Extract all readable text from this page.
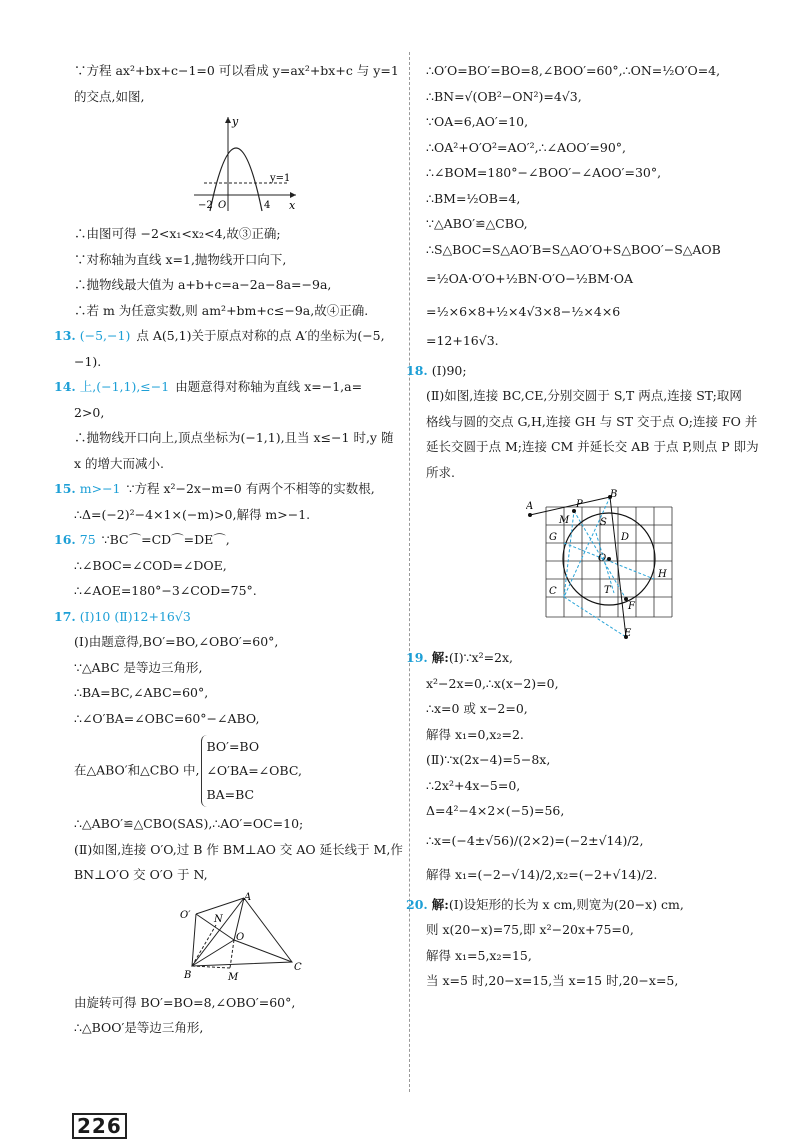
∵方程 ax²+bx+c−1=0 可以看成 y=ax²+bx+c 与 y=1
的交点,如图,
y
x
y=1
−2 O	4
∴由图可得 −2<x₁<x₂<4,故③正确;
∵对称轴为直线 x=1,抛物线开口向下,
∴抛物线最大值为 a+b+c=a−2a−8a=−9a,
∴若 m 为任意实数,则 am²+bm+c≤−9a,故④正确.
13. (−5,−1) 点 A(5,1)关于原点对称的点 A′的坐标为(−5,
−1).
14. 上,(−1,1),≤−1 由题意得对称轴为直线 x=−1,a=
2>0,
∴抛物线开口向上,顶点坐标为(−1,1),且当 x≤−1 时,y 随
x 的增大而减小.
15. m>−1 ∵方程 x²−2x−m=0 有两个不相等的实数根,
∴Δ=(−2)²−4×1×(−m)>0,解得 m>−1.
16. 75 ∵BC⌒=CD⌒=DE⌒,
∴∠BOC=∠COD=∠DOE,
∴∠AOE=180°−3∠COD=75°.
17. (Ⅰ)10 (Ⅱ)12+16√3
(Ⅰ)由题意得,BO′=BO,∠OBO′=60°,
∵△ABC 是等边三角形,
∴BA=BC,∠ABC=60°,
∴∠O′BA=∠OBC=60°−∠ABO,
在△ABO′和△CBO 中,
BO′=BO
∠O′BA=∠OBC,
BA=BC
∴△ABO′≌△CBO(SAS),∴AO′=OC=10;
(Ⅱ)如图,连接 O′O,过 B 作 BM⊥AO 交 AO 延长线于 M,作
BN⊥O′O 交 O′O 于 N,
A
O′ N
O
B	M
C
由旋转可得 BO′=BO=8,∠OBO′=60°,
∴△BOO′是等边三角形,
∴O′O=BO′=BO=8,∠BOO′=60°,∴ON=½O′O=4,
∴BN=√(OB²−ON²)=4√3,
∵OA=6,AO′=10,
∴OA²+O′O²=AO′²,∴∠AOO′=90°,
∴∠BOM=180°−∠BOO′−∠AOO′=30°,
∴BM=½OB=4,
∵△ABO′≌△CBO,
∴S△BOC=S△AO′B=S△AO′O+S△BOO′−S△AOB
=½OA·O′O+½BN·O′O−½BM·OA
=½×6×8+½×4√3×8−½×4×6
=12+16√3.
18. (Ⅰ)90;
(Ⅱ)如图,连接 BC,CE,分别交圆于 S,T 两点,连接 ST;取网
格线与圆的交点 G,H,连接 GH 与 ST 交于点 O;连接 FO 并
延长交圆于点 M;连接 CM 并延长交 AB 于点 P,则点 P 即为
所求.
B
A	P
M	S
G	D
O
C	T
H
F
E
19. 解:(Ⅰ)∵x²=2x,
x²−2x=0,∴x(x−2)=0,
∴x=0 或 x−2=0,
解得 x₁=0,x₂=2.
(Ⅱ)∵x(2x−4)=5−8x,
∴2x²+4x−5=0,
Δ=4²−4×2×(−5)=56,
∴x=(−4±√56)/(2×2)=(−2±√14)/2,
解得 x₁=(−2−√14)/2,x₂=(−2+√14)/2.
20. 解:(Ⅰ)设矩形的长为 x cm,则宽为(20−x) cm,
则 x(20−x)=75,即 x²−20x+75=0,
解得 x₁=5,x₂=15,
当 x=5 时,20−x=15,当 x=15 时,20−x=5,
226
